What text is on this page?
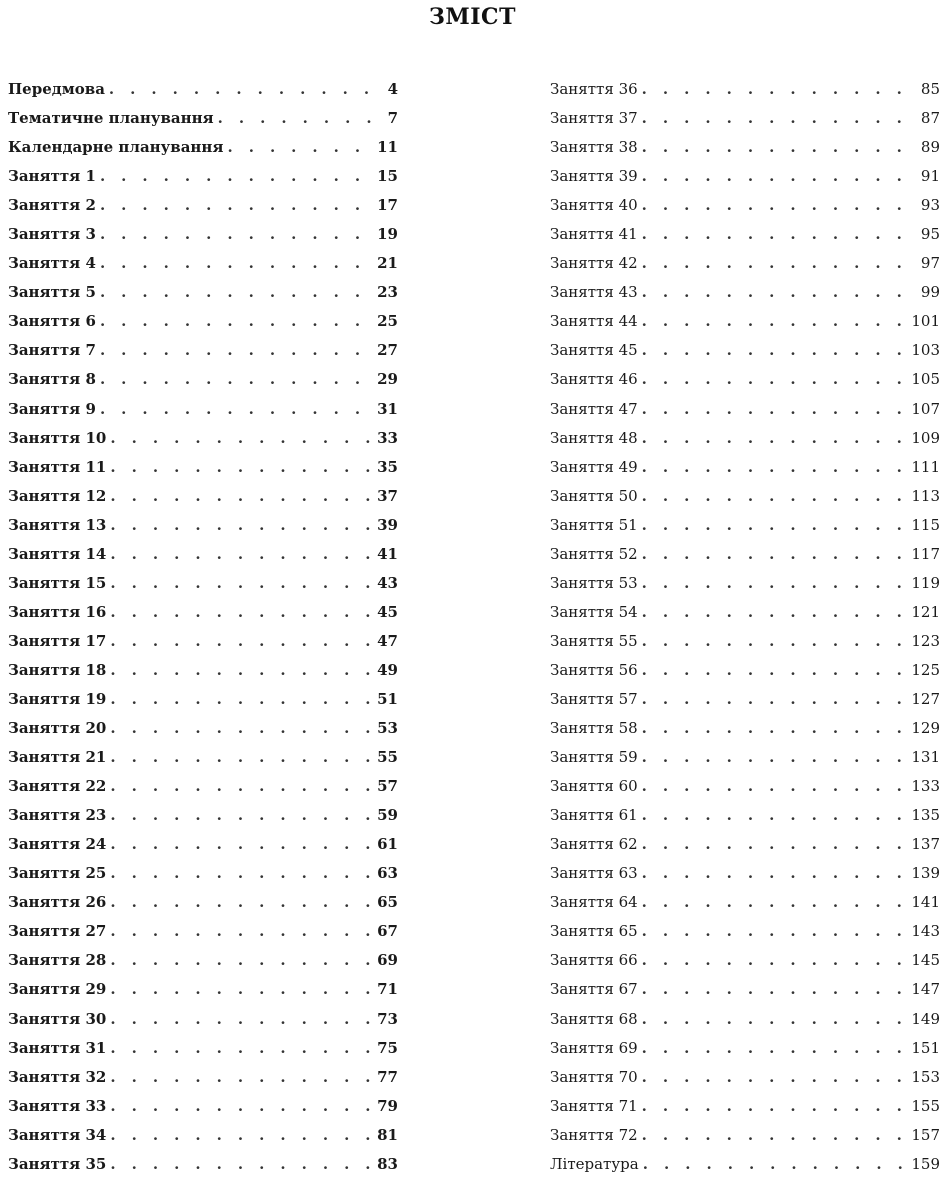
ЗМІСТ
Передмова . . .	4
Тематичне планування . . .	7
Календарне планування . . .	11
Заняття 1 . . .	15
Заняття 2 . . .	17
Заняття 3 . . .	19
Заняття 4 . . .	21
Заняття 5 . . .	23
Заняття 6 . . .	25
Заняття 7 . . .	27
Заняття 8 . . .	29
Заняття 9 . . .	31
Заняття 10 . . .	33
Заняття 11 . . .	35
Заняття 12 . . .	37
Заняття 13 . . .	39
Заняття 14 . . .	41
Заняття 15 . . .	43
Заняття 16 . . .	45
Заняття 17 . . .	47
Заняття 18 . . .	49
Заняття 19 . . .	51
Заняття 20 . . .	53
Заняття 21 . . .	55
Заняття 22 . . .	57
Заняття 23 . . .	59
Заняття 24 . . .	61
Заняття 25 . . .	63
Заняття 26 . . .	65
Заняття 27 . . .	67
Заняття 28 . . .	69
Заняття 29 . . .	71
Заняття 30 . . .	73
Заняття 31 . . .	75
Заняття 32 . . .	77
Заняття 33 . . .	79
Заняття 34 . . .	81
Заняття 35 . . .	83
Заняття 36 . . .	85
Заняття 37 . . .	87
Заняття 38 . . .	89
Заняття 39 . . .	91
Заняття 40 . . .	93
Заняття 41 . . .	95
Заняття 42 . . .	97
Заняття 43 . . .	99
Заняття 44 . . .	101
Заняття 45 . . .	103
Заняття 46 . . .	105
Заняття 47 . . .	107
Заняття 48 . . .	109
Заняття 49 . . .	111
Заняття 50 . . .	113
Заняття 51 . . .	115
Заняття 52 . . .	117
Заняття 53 . . .	119
Заняття 54 . . .	121
Заняття 55 . . .	123
Заняття 56 . . .	125
Заняття 57 . . .	127
Заняття 58 . . .	129
Заняття 59 . . .	131
Заняття 60 . . .	133
Заняття 61 . . .	135
Заняття 62 . . .	137
Заняття 63 . . .	139
Заняття 64 . . .	141
Заняття 65 . . .	143
Заняття 66 . . .	145
Заняття 67 . . .	147
Заняття 68 . . .	149
Заняття 69 . . .	151
Заняття 70 . . .	153
Заняття 71 . . .	155
Заняття 72 . . .	157
Література . . .	159
